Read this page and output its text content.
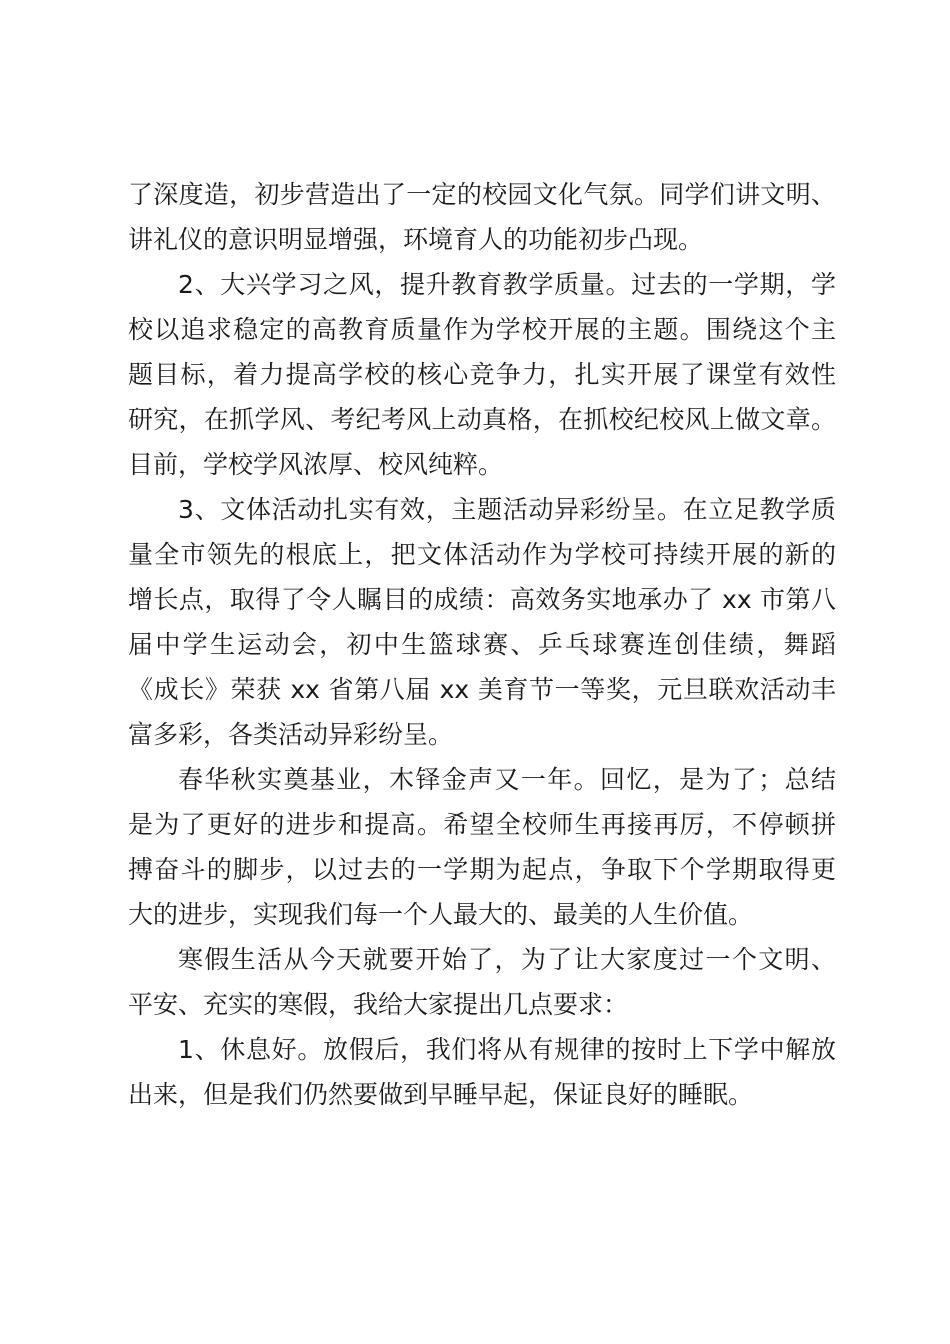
了深度造，初步营造出了一定的校园文化气氛。同学们讲文明、
讲礼仪的意识明显增强，环境育人的功能初步凸现。
2、大兴学习之风，提升教育教学质量。过去的一学期，学
校以追求稳定的高教育质量作为学校开展的主题。围绕这个主
题目标，着力提高学校的核心竞争力，扎实开展了课堂有效性
研究，在抓学风、考纪考风上动真格，在抓校纪校风上做文章。
目前，学校学风浓厚、校风纯粹。
3、文体活动扎实有效，主题活动异彩纷呈。在立足教学质
量全市领先的根底上，把文体活动作为学校可持续开展的新的
增长点，取得了令人瞩目的成绩：高效务实地承办了 xx 市第八
届中学生运动会，初中生篮球赛、乒乓球赛连创佳绩，舞蹈
《成长》荣获 xx 省第八届 xx 美育节一等奖，元旦联欢活动丰
富多彩，各类活动异彩纷呈。
春华秋实奠基业，木铎金声又一年。回忆，是为了；总结
是为了更好的进步和提高。希望全校师生再接再厉，不停顿拼
搏奋斗的脚步，以过去的一学期为起点，争取下个学期取得更
大的进步，实现我们每一个人最大的、最美的人生价值。
寒假生活从今天就要开始了，为了让大家度过一个文明、
平安、充实的寒假，我给大家提出几点要求：
1、休息好。放假后，我们将从有规律的按时上下学中解放
出来，但是我们仍然要做到早睡早起，保证良好的睡眠。
